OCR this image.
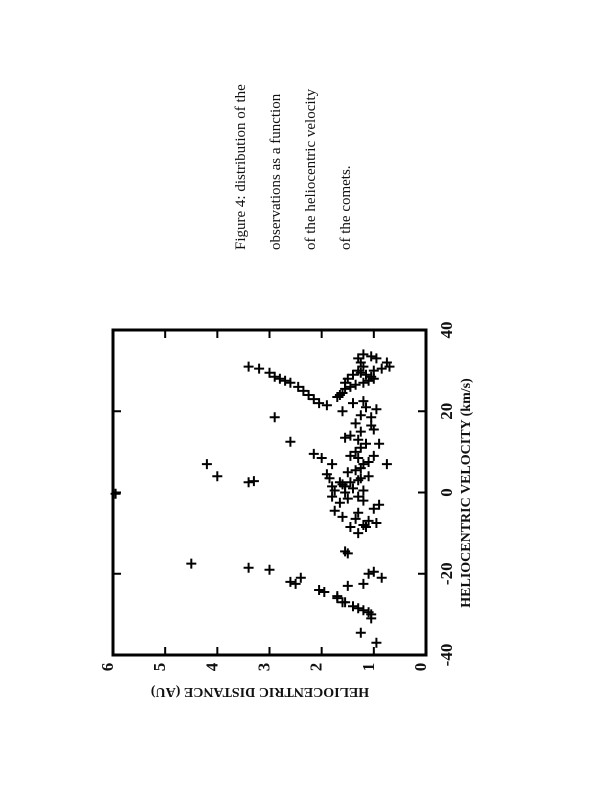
Figure 4: distribution of the observations as a function of the heliocentric velocity of the comets.
-40
-20
0
20
40
0
1
2
3
4
5
6
HELIOCENTRIC VELOCITY (km/s)
HELIOCENTRIC DISTANCE (AU)
